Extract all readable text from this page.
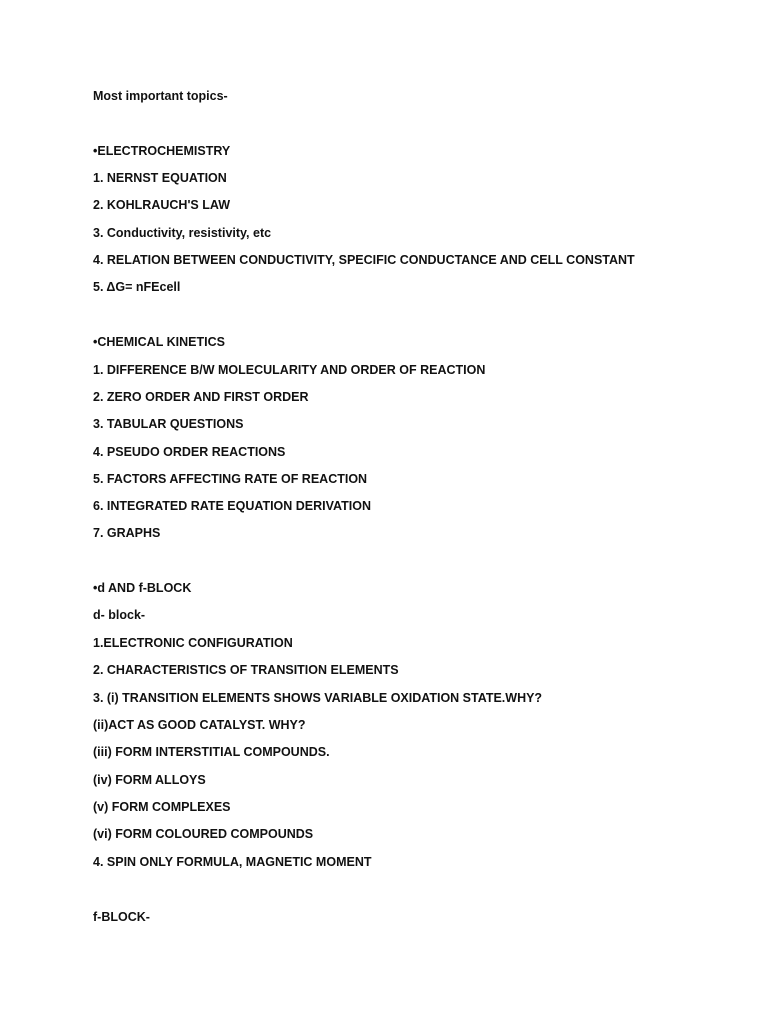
Most important topics-
•ELECTROCHEMISTRY
1. NERNST EQUATION
2. KOHLRAUCH'S LAW
3. Conductivity, resistivity, etc
4. RELATION BETWEEN CONDUCTIVITY, SPECIFIC CONDUCTANCE AND CELL CONSTANT
5. ΔG= nFEcell
•CHEMICAL KINETICS
1. DIFFERENCE B/W MOLECULARITY AND ORDER OF REACTION
2. ZERO ORDER AND FIRST ORDER
3. TABULAR QUESTIONS
4. PSEUDO ORDER REACTIONS
5. FACTORS AFFECTING RATE OF REACTION
6. INTEGRATED RATE EQUATION DERIVATION
7. GRAPHS
•d AND f-BLOCK
d- block-
1.ELECTRONIC CONFIGURATION
2. CHARACTERISTICS OF TRANSITION ELEMENTS
3. (i) TRANSITION ELEMENTS SHOWS VARIABLE OXIDATION STATE.WHY?
(ii)ACT AS GOOD CATALYST. WHY?
(iii) FORM INTERSTITIAL COMPOUNDS.
(iv) FORM ALLOYS
(v) FORM COMPLEXES
(vi) FORM COLOURED COMPOUNDS
4. SPIN ONLY FORMULA, MAGNETIC MOMENT
f-BLOCK-
